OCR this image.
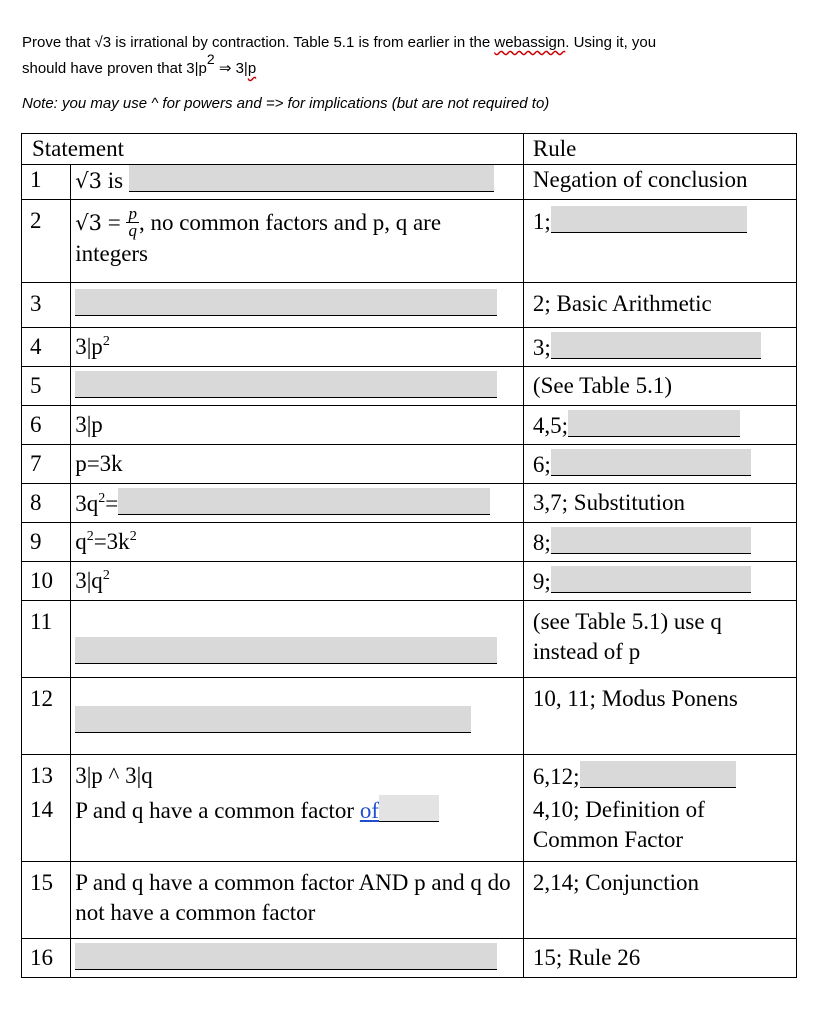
Prove that √3 is irrational by contraction. Table 5.1 is from earlier in the webassign. Using it, you
should have proven that $3|p^2$ ⇒ 3|p
Note: you may use ^ for powers and => for implications (but are not required to)
Statement		Rule
1	√3 is	Negation of conclusion
2	$√3 = \frac{p}{q}$ , no common factors and p, q are integers	1;
3		2; Basic Arithmetic
4	$3|p^2$	3;
5		(See Table 5.1)
6	3|p	4,5;
7	p=3k	6;
8	$3q^2=$	3,7; Substitution
9	$q^2=3k^2$	8;
10	$3|q^2$	9;
11		(see Table 5.1) use q instead of p
12		10, 11; Modus Ponens
13	3|p ^ 3|q	6,12;
14	P and q have a common factor of	4,10; Definition of Common Factor
15	P and q have a common factor AND p and q do not have a common factor	2,14; Conjunction
16		15; Rule 26
